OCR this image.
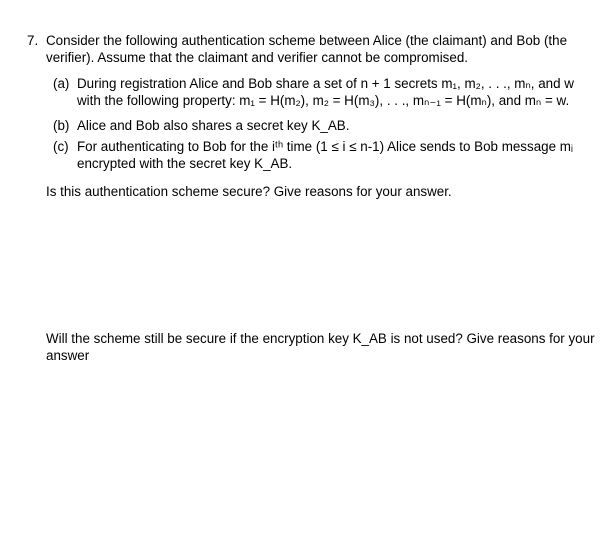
7. Consider the following authentication scheme between Alice (the claimant) and Bob (the
verifier). Assume that the claimant and verifier cannot be compromised.
(a) During registration Alice and Bob share a set of n + 1 secrets m₁, m₂, . . ., mₙ, and w
with the following property: m₁ = H(m₂), m₂ = H(m₃), . . ., mₙ₋₁ = H(mₙ), and mₙ = w.
(b) Alice and Bob also shares a secret key K_AB.
(c) For authenticating to Bob for the iᵗʰ time (1 ≤ i ≤ n-1) Alice sends to Bob message mᵢ
encrypted with the secret key K_AB.
Is this authentication scheme secure? Give reasons for your answer.
Will the scheme still be secure if the encryption key K_AB is not used? Give reasons for your
answer
